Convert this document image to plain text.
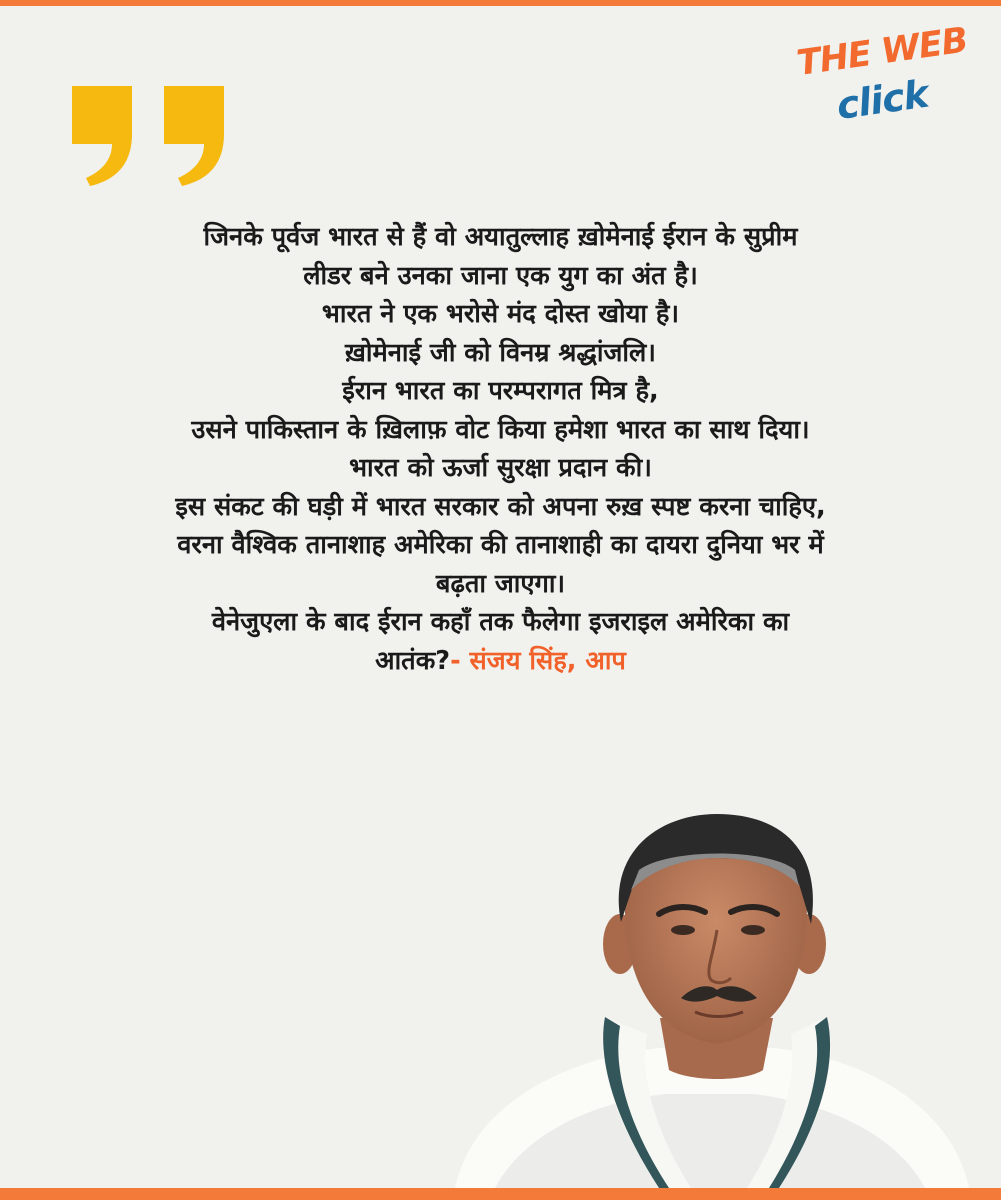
THE WEB
click
जिनके पूर्वज भारत से हैं वो अयातुल्लाह ख़ोमेनाई ईरान के सुप्रीम
लीडर बने उनका जाना एक युग का अंत है।
भारत ने एक भरोसे मंद दोस्त खोया है।
ख़ोमेनाई जी को विनम्र श्रद्धांजलि।
ईरान भारत का परम्परागत मित्र है,
उसने पाकिस्तान के ख़िलाफ़ वोट किया हमेशा भारत का साथ दिया।
भारत को ऊर्जा सुरक्षा प्रदान की।
इस संकट की घड़ी में भारत सरकार को अपना रुख़ स्पष्ट करना चाहिए,
वरना वैश्विक तानाशाह अमेरिका की तानाशाही का दायरा दुनिया भर में
बढ़ता जाएगा।
वेनेजुएला के बाद ईरान कहाँ तक फैलेगा इजराइल अमेरिका का
आतंक?- संजय सिंह, आप
